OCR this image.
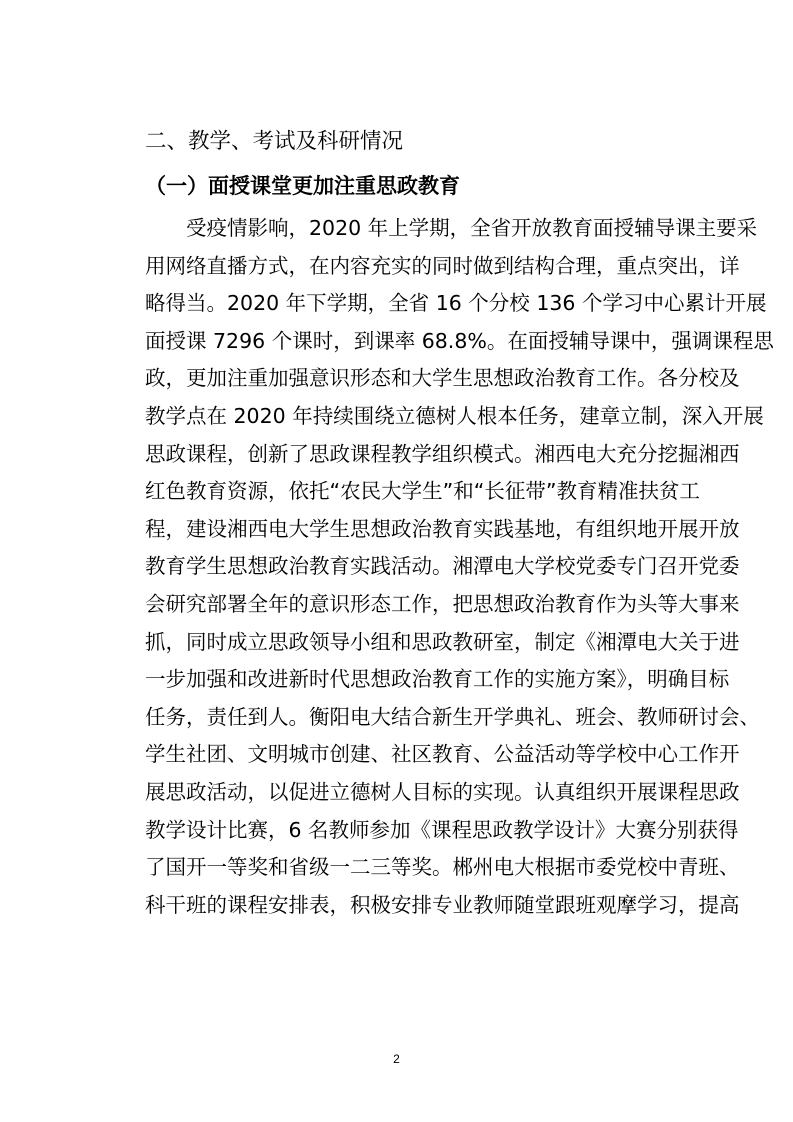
二、教学、考试及科研情况
（一）面授课堂更加注重思政教育
受疫情影响，2020 年上学期，全省开放教育面授辅导课主要采
用网络直播方式，在内容充实的同时做到结构合理，重点突出，详
略得当。2020 年下学期，全省 16 个分校 136 个学习中心累计开展
面授课 7296 个课时，到课率 68.8%。在面授辅导课中，强调课程思
政，更加注重加强意识形态和大学生思想政治教育工作。各分校及
教学点在 2020 年持续围绕立德树人根本任务，建章立制，深入开展
思政课程，创新了思政课程教学组织模式。湘西电大充分挖掘湘西
红色教育资源，依托“农民大学生”和“长征带”教育精准扶贫工
程，建设湘西电大学生思想政治教育实践基地，有组织地开展开放
教育学生思想政治教育实践活动。湘潭电大学校党委专门召开党委
会研究部署全年的意识形态工作，把思想政治教育作为头等大事来
抓，同时成立思政领导小组和思政教研室，制定《湘潭电大关于进
一步加强和改进新时代思想政治教育工作的实施方案》，明确目标
任务，责任到人。衡阳电大结合新生开学典礼、班会、教师研讨会、
学生社团、文明城市创建、社区教育、公益活动等学校中心工作开
展思政活动，以促进立德树人目标的实现。认真组织开展课程思政
教学设计比赛，6 名教师参加《课程思政教学设计》大赛分别获得
了国开一等奖和省级一二三等奖。郴州电大根据市委党校中青班、
科干班的课程安排表，积极安排专业教师随堂跟班观摩学习，提高
2
